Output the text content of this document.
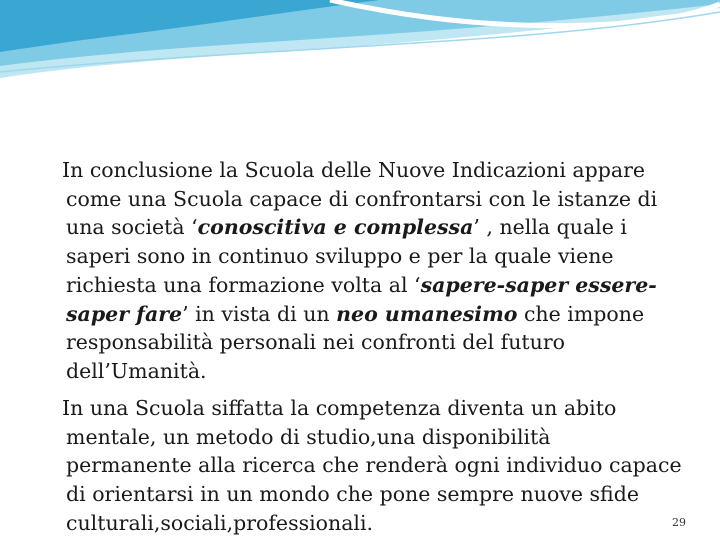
In conclusione la Scuola delle Nuove Indicazioni appare
come una Scuola capace di confrontarsi con le istanze di
una società ‘conoscitiva e complessa’ , nella quale i
saperi sono in continuo sviluppo e per la quale viene
richiesta una formazione volta al ‘sapere-saper essere-
saper fare’ in vista di un neo umanesimo che impone
responsabilità personali nei confronti del futuro
dell’Umanità.
In una Scuola siffatta la competenza diventa un abito
mentale, un metodo di studio,una disponibilità
permanente alla ricerca che renderà ogni individuo capace
di orientarsi in un mondo che pone sempre nuove sfide
culturali,sociali,professionali.	29
